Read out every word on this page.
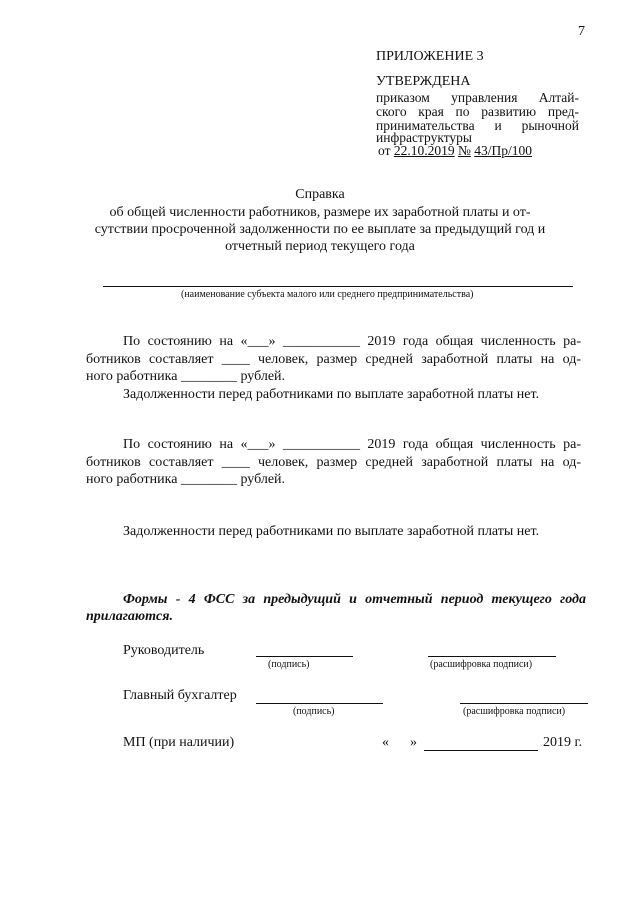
7
ПРИЛОЖЕНИЕ 3
УТВЕРЖДЕНА
приказом управления Алтай-
ского края по развитию пред-
принимательства и рыночной
инфраструктуры
от 22.10.2019 № 43/Пр/100
Справка
об общей численности работников, размере их заработной платы и от-
сутствии просроченной задолженности по ее выплате за предыдущий год и
отчетный период текущего года
(наименование субъекта малого или среднего предпринимательства)
По состоянию на «___» ___________ 2019 года общая численность ра-
ботников составляет ____ человек, размер средней заработной платы на од-
ного работника ________ рублей.
Задолженности перед работниками по выплате заработной платы нет.
По состоянию на «___» ___________ 2019 года общая численность ра-
ботников составляет ____ человек, размер средней заработной платы на од-
ного работника ________ рублей.
Задолженности перед работниками по выплате заработной платы нет.
Формы - 4 ФСС за предыдущий и отчетный период текущего года
прилагаются.
Руководитель
(подпись)	(расшифровка подписи)
Главный бухгалтер
(подпись)	(расшифровка подписи)
МП (при наличии)	« »	2019 г.
